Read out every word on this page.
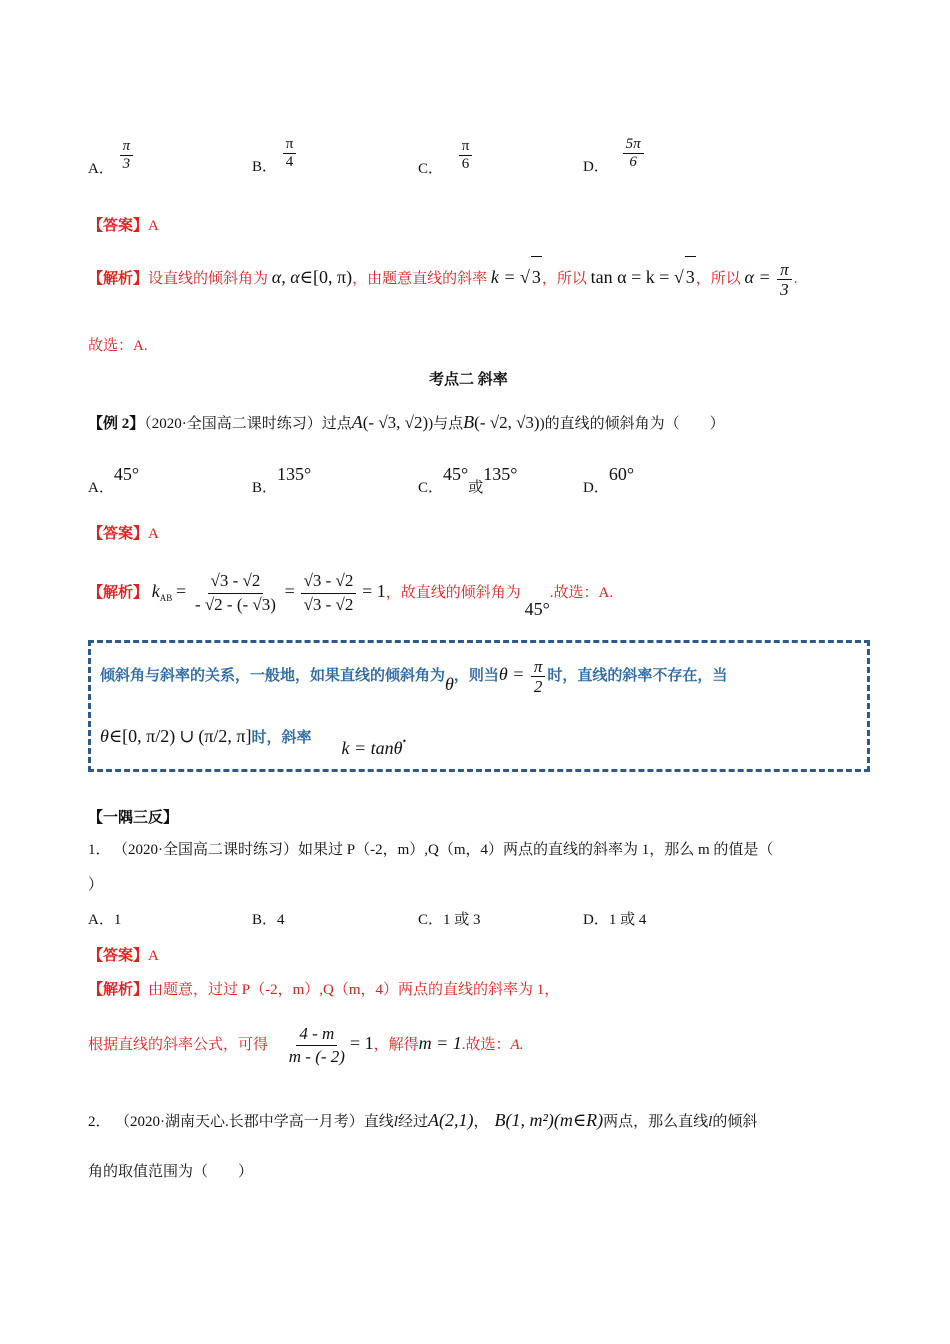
A． $\frac{\pi}{3}$	B． $\frac{\pi}{4}$	C． $\frac{\pi}{6}$	D． $\frac{5\pi}{6}$
【答案】A
【解析】设直线的倾斜角为 α, α∈[0, π)，由题意直线的斜率 k = √ 3，所以 tan α = k = √ 3，所以 $\alpha = \frac{\pi}{3}$ .
故选：A.
考点二 斜率
【例 2】（2020·全国高二课时练习）过点A(- √3, √2))与点B(- √2, √3))的直线的倾斜角为（　　）
A．45°
B．135°
C．45°或135°
D．60°
【答案】A
【解析】 $k_{AB} = \frac{√3 - √2}{- √2 - (- √3)} = \frac{√3 - √2}{√3 - √2} = 1$，故直线的倾斜角为 45°.故选：A.
倾斜角与斜率的关系，一般地，如果直线的倾斜角为θ，则当$\theta = \frac{\pi}{2}$ 时，直线的斜率不存在，当
θ∈[0, π/2) ∪ (π/2, π]时，斜率 k = tanθ.
【一隅三反】
1． （2020·全国高二课时练习）如果过 P（-2，m）,Q（m，4）两点的直线的斜率为 1，那么 m 的值是（
）
A．1	B．4	C．1 或 3	D．1 或 4
【答案】A
【解析】由题意，过过 P（-2，m）,Q（m，4）两点的直线的斜率为 1，
根据直线的斜率公式，可得 $\frac{4 - m}{m - (- 2)} = 1$，解得m = 1.故选：A.
2． （2020·湖南天心.长郡中学高一月考）直线l经过A(2,1)， B(1, m²)(m∈R)两点，那么直线l的倾斜
角的取值范围为（　　）
